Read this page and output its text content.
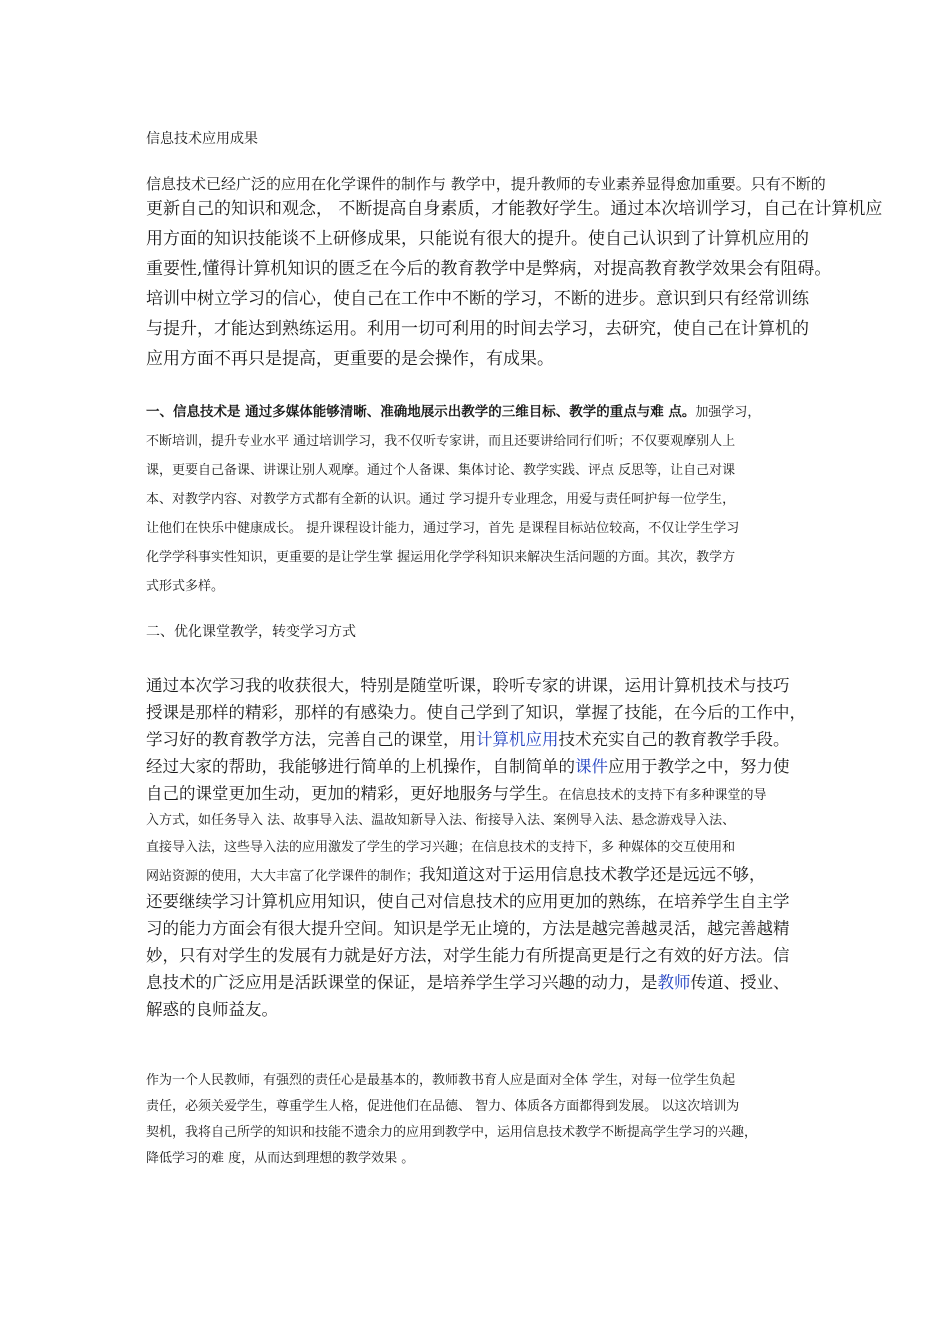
信息技术应用成果
信息技术已经广泛的应用在化学课件的制作与 教学中，提升教师的专业素养显得愈加重要。只有不断的
更新自己的知识和观念， 不断提高自身素质，才能教好学生。通过本次培训学习，自己在计算机应
用方面的知识技能谈不上研修成果，只能说有很大的提升。使自己认识到了计算机应用的
重要性,懂得计算机知识的匮乏在今后的教育教学中是弊病，对提高教育教学效果会有阻碍。
培训中树立学习的信心，使自己在工作中不断的学习，不断的进步。意识到只有经常训练
与提升，才能达到熟练运用。利用一切可利用的时间去学习，去研究，使自己在计算机的
应用方面不再只是提高，更重要的是会操作，有成果。
一、信息技术是 通过多媒体能够清晰、准确地展示出教学的三维目标、教学的重点与难 点。加强学习，
不断培训，提升专业水平 通过培训学习，我不仅听专家讲，而且还要讲给同行们听；不仅要观摩别人上
课，更要自己备课、讲课让别人观摩。通过个人备课、集体讨论、教学实践、评点 反思等，让自己对课
本、对教学内容、对教学方式都有全新的认识。通过 学习提升专业理念，用爱与责任呵护每一位学生，
让他们在快乐中健康成长。 提升课程设计能力，通过学习，首先 是课程目标站位较高，不仅让学生学习
化学学科事实性知识，更重要的是让学生掌 握运用化学学科知识来解决生活问题的方面。其次，教学方
式形式多样。
二、优化课堂教学，转变学习方式
通过本次学习我的收获很大，特别是随堂听课，聆听专家的讲课，运用计算机技术与技巧
授课是那样的精彩，那样的有感染力。使自己学到了知识，掌握了技能，在今后的工作中，
学习好的教育教学方法，完善自己的课堂，用计算机应用技术充实自己的教育教学手段。
经过大家的帮助，我能够进行简单的上机操作，自制简单的课件应用于教学之中，努力使
自己的课堂更加生动，更加的精彩，更好地服务与学生。在信息技术的支持下有多种课堂的导
入方式，如任务导入 法、故事导入法、温故知新导入法、衔接导入法、案例导入法、悬念游戏导入法、
直接导入法，这些导入法的应用激发了学生的学习兴趣；在信息技术的支持下，多 种媒体的交互使用和
网站资源的使用，大大丰富了化学课件的制作；我知道这对于运用信息技术教学还是远远不够，
还要继续学习计算机应用知识，使自己对信息技术的应用更加的熟练，在培养学生自主学
习的能力方面会有很大提升空间。知识是学无止境的，方法是越完善越灵活，越完善越精
妙，只有对学生的发展有力就是好方法，对学生能力有所提高更是行之有效的好方法。信
息技术的广泛应用是活跃课堂的保证，是培养学生学习兴趣的动力，是教师传道、授业、
解惑的良师益友。
作为一个人民教师，有强烈的责任心是最基本的，教师教书育人应是面对全体 学生，对每一位学生负起
责任，必须关爱学生，尊重学生人格，促进他们在品德、 智力、体质各方面都得到发展。 以这次培训为
契机，我将自己所学的知识和技能不遗余力的应用到教学中，运用信息技术教学不断提高学生学习的兴趣，
降低学习的难 度，从而达到理想的教学效果 。
